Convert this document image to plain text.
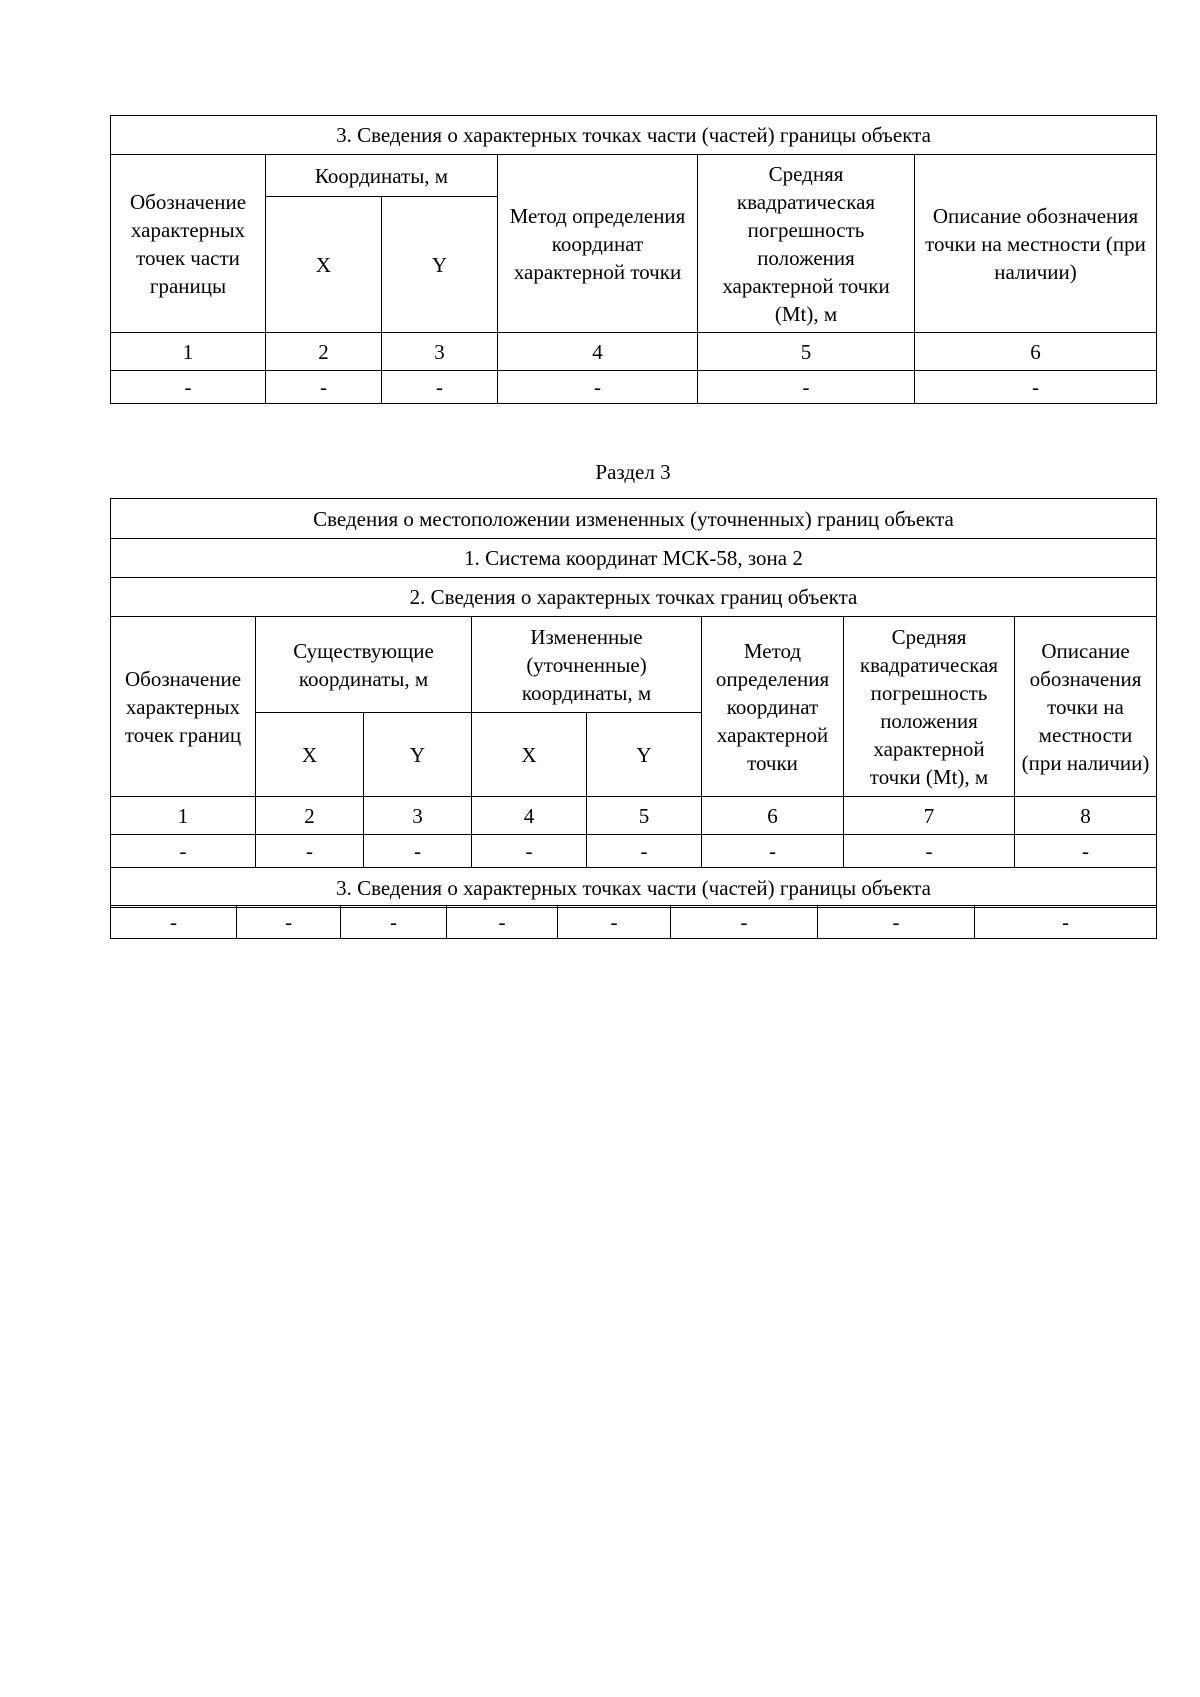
3. Сведения о характерных точках части (частей) границы объекта					
Обозначение характерных точек части границы	Координаты, м		Метод определения координат характерной точки	Средняя квадратическая погрешность положения характерной точки (Mt), м	Описание обозначения точки на местности (при наличии)
	X	Y			
1	2	3	4	5	6
-	-	-	-	-	-
Раздел 3
Сведения о местоположении измененных (уточненных) границ объекта							
1. Система координат МСК-58, зона 2							
2. Сведения о характерных точках границ объекта							
Обозначение характерных точек границ	Существующие координаты, м		Измененные (уточненные) координаты, м		Метод определения координат характерной точки	Средняя квадратическая погрешность положения характерной точки (Mt), м	Описание обозначения точки на местности (при наличии)
	X	Y	X	Y			
1	2	3	4	5	6	7	8
-	-	-	-	-	-	-	-
3. Сведения о характерных точках части (частей) границы объекта							
-	-	-	-	-	-	-	-
